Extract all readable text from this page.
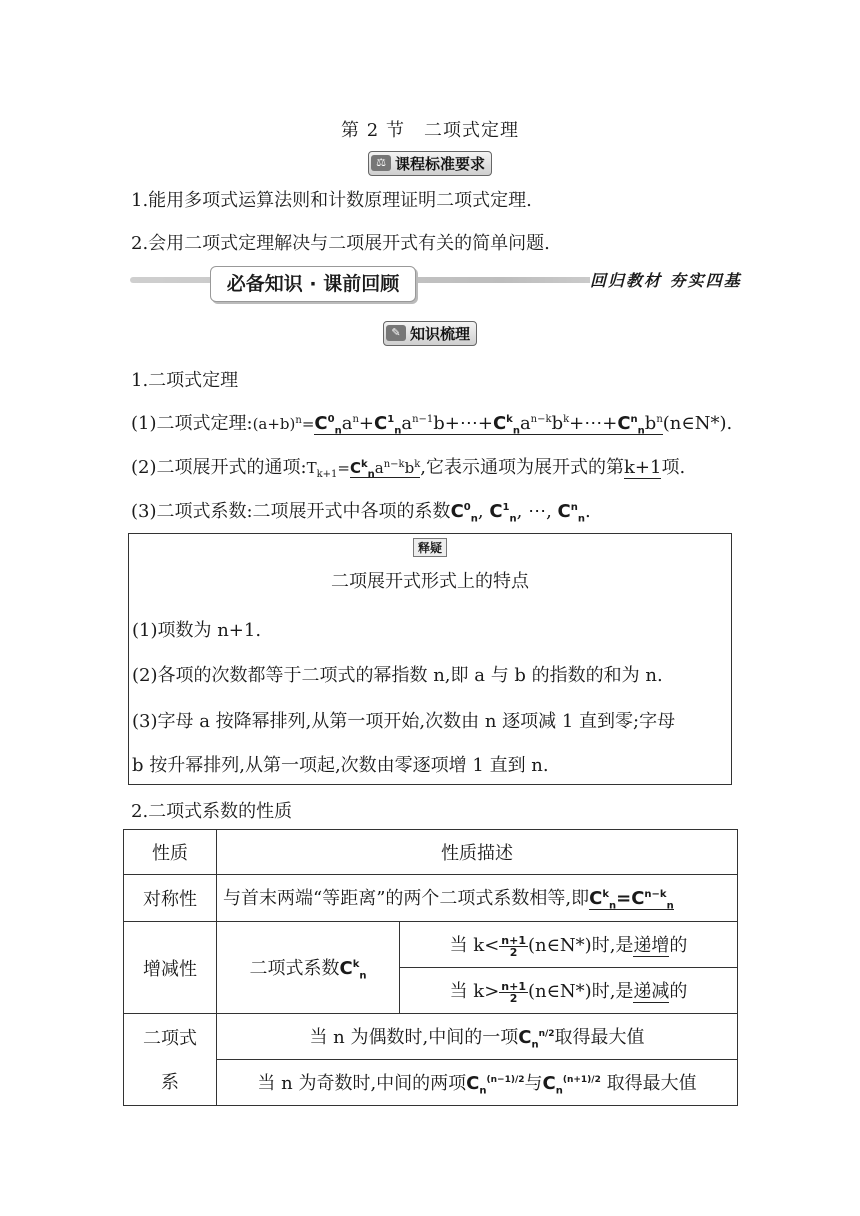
第 2 节　二项式定理
⚖ 课程标准要求
1.能用多项式运算法则和计数原理证明二项式定理.
2.会用二项式定理解决与二项展开式有关的简单问题.
必备知识 · 课前回顾	回归教材 夯实四基
✎ 知识梳理
1.二项式定理
(1)二项式定理$:(a+b)^n=C^0_na^n+C^1_na^{n-1}b+\cdots+C^k_na^{n-k}b^k+\cdots+C^n_nb^n(n\in N*)$.
(2)二项展开式的通项$:T_{k+1}=C^k_na^{n-k}b^k$,它表示通项为展开式的第k+1项.
(3)二项式系数:二项展开式中各项的系数$C^0_n$, $C^1_n$, ⋯, $C^n_n$.
释疑
二项展开式形式上的特点
(1)项数为 n+1.
(2)各项的次数都等于二项式的幂指数 n,即 a 与 b 的指数的和为 n.
(3)字母 a 按降幂排列,从第一项开始,次数由 n 逐项减 1 直到零;字母
b 按升幂排列,从第一项起,次数由零逐项增 1 直到 n.
2.二项式系数的性质
性质	性质描述	
对称性	与首末两端“等距离”的两个二项式系数相等,即$C^k_n=C^{n-k}_n$
增减性	二项式系数$C^k_n$	当 $k< \frac{n+1}{2}$ (n∈N*)时,是递增的
		当 $k> \frac{n+1}{2}$ (n∈N*)时,是递减的

二项式
系	当 n 为偶数时,中间的一项$C_n^{n/2}$取得最大值	
	当 n 为奇数时,中间的两项$C_n^{(n-1)/2}$与$C_n^{(n+1)/2}$ 取得最大值	
